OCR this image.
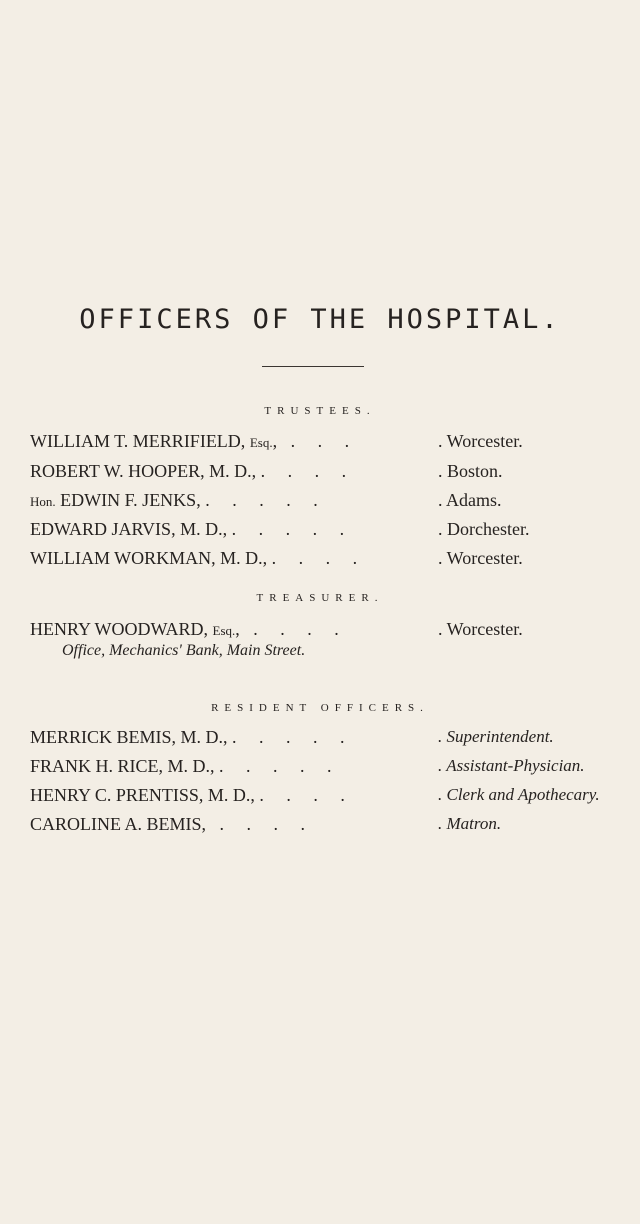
OFFICERS OF THE HOSPITAL.
TRUSTEES.
WILLIAM T. MERRIFIELD, Esq.,   .     .     .	. Worcester.
ROBERT W. HOOPER, M. D., .     .     .     .	. Boston.
Hon. EDWIN F. JENKS, .     .     .     .     .	. Adams.
EDWARD JARVIS, M. D., .     .     .     .     .	. Dorchester.
WILLIAM WORKMAN, M. D., .     .     .     .	. Worcester.
TREASURER.
HENRY WOODWARD, Esq.,   .     .     .     .	. Worcester.
Office, Mechanics' Bank, Main Street.
RESIDENT OFFICERS.
MERRICK BEMIS, M. D., .     .     .     .     .	. Superintendent.
FRANK H. RICE, M. D., .     .     .     .     .	. Assistant-Physician.
HENRY C. PRENTISS, M. D., .     .     .     .	. Clerk and Apothecary.
CAROLINE A. BEMIS,   .     .     .     .	. Matron.
